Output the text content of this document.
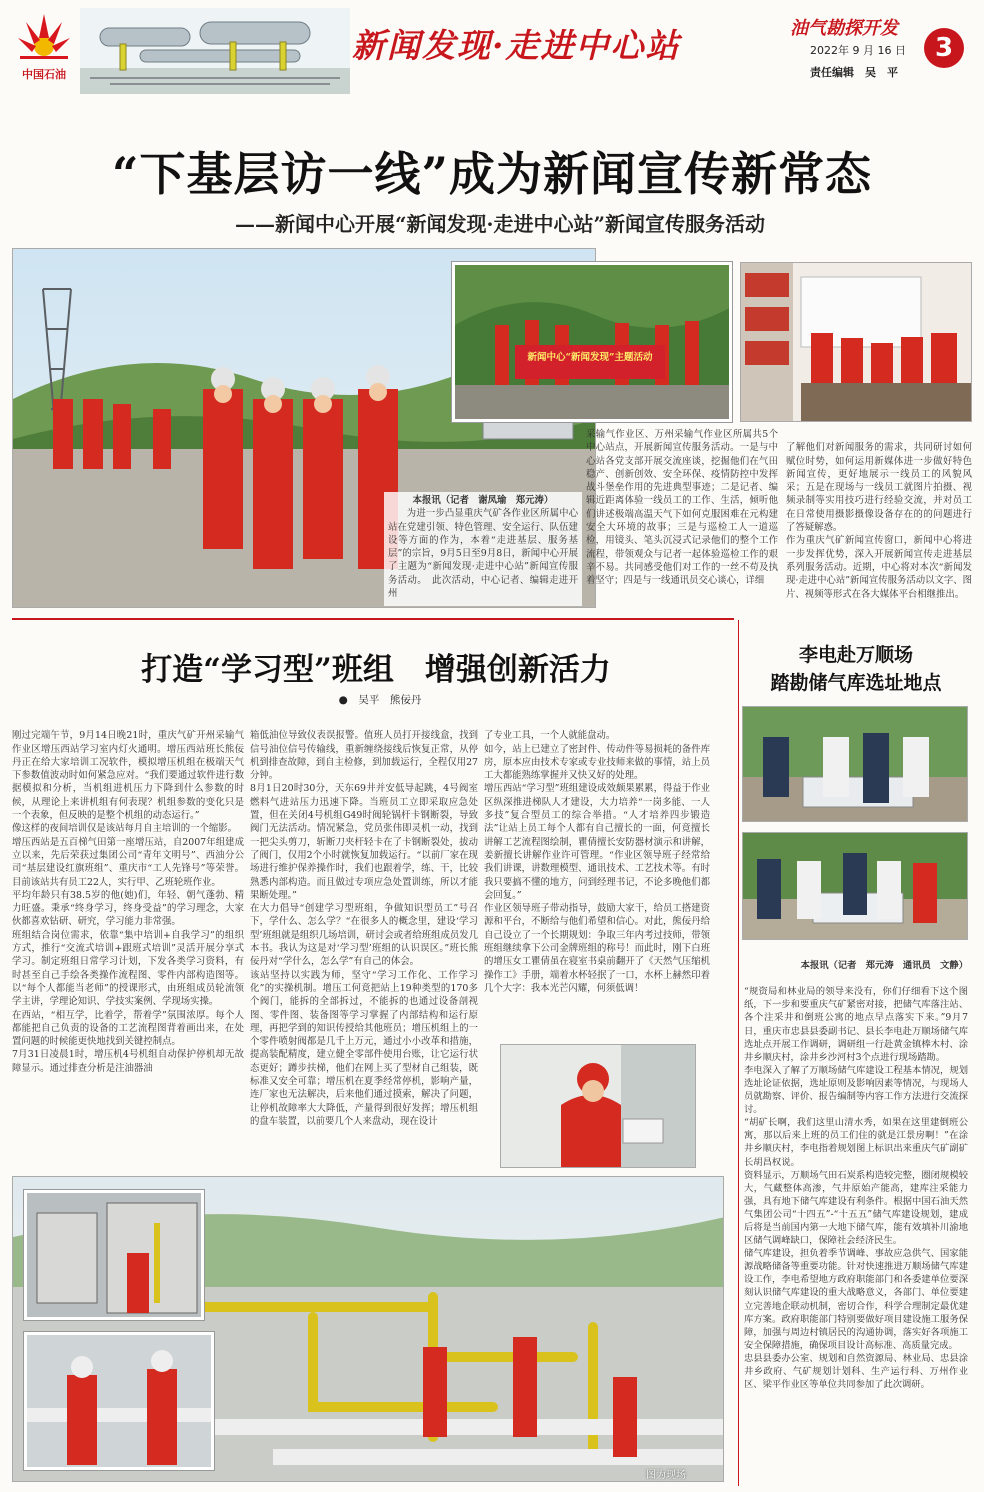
中国石油
新闻发现·走进中心站	油气勘探开发
2022年 9 月 16 日
责任编辑　吴　平
3
“下基层访一线”成为新闻宣传新常态
——新闻中心开展“新闻发现·走进中心站”新闻宣传服务活动
新闻中心“新闻发现”主题活动
本报讯（记者　谢凤瑜　郑元涛）
为进一步凸显重庆气矿各作业区所属中心站在党建引领、特色管理、安全运行、队伍建设等方面的作为，本着“走进基层、服务基层”的宗旨，9月5日至9月8日，新闻中心开展了主题为“新闻发现·走进中心站”新闻宣传服务活动。　此次活动，中心记者、编辑走进开州
采输气作业区、万州采输气作业区所属共5个中心站点，开展新闻宣传服务活动。一是与中心站各党支部开展交流座谈，挖掘他们在气田稳产、创新创效、安全环保、疫情防控中发挥战斗堡垒作用的先进典型事迹；二是记者、编辑近距离体验一线员工的工作、生活，倾听他们讲述极端高温天气下如何克服困难在元构建安全大环境的故事；三是与巡检工人一道巡检，用镜头、笔头沉浸式记录他们的整个工作流程，带领观众与记者一起体验巡检工作的艰辛不易。共同感受他们对工作的一丝不苟及执着坚守；四是与一线通讯员交心谈心，详细

了解他们对新闻服务的需求，共同研讨如何赋位时势，如何运用新媒体进一步做好特色新闻宣传，更好地展示一线员工的风貌风采；五是在现场与一线员工就图片拍摄、视频录制等实用技巧进行经验交流，并对员工在日常使用摄影摄像设备存在的的问题进行了答疑解惑。
作为重庆气矿新闻宣传窗口，新闻中心将进一步发挥优势，深入开展新闻宣传走进基层系列服务活动。近期，中心将对本次“新闻发现·走进中心站”新闻宣传服务活动以文字、图片、视频等形式在各大媒体平台相继推出。

打造“学习型”班组　增强创新活力
●　吴平　熊佞丹

刚过完端午节，9月14日晚21时，重庆气矿开州采输气作业区增压西站学习室内灯火通明。增压西站班长熊佞丹正在给大家培训工况软件，模拟增压机组在极端天气下参数值波动时如何紧急应对。“我们要通过软件进行数据模拟和分析，当机组进机压力下降到什么参数的时候，从理论上来讲机组有何表现？机组参数的变化只是一个表象，但反映的是整个机组的动态运行。”
像这样的夜间培训仅是该站每月自主培训的一个缩影。
增压西站是五百梯气田第一座增压站，自2007年组建成立以来，先后荣获过集团公司“青年文明号”、西油分公司“基层建设红旗班组”、重庆市“工人先锋号”等荣誉。目前该站共有员工22人，实行甲、乙班轮班作业。
平均年龄只有38.5岁的他(她)们，年轻、朝气蓬勃、精力旺盛。秉承“终身学习，终身受益”的学习理念，大家伙都喜欢钻研、研究，学习能力非常强。
班组结合岗位需求，依靠“集中培训+自我学习”的组织方式，推行“交流式培训+跟班式培训”灵活开展分享式学习。制定班组日常学习计划，下发各类学习资料，有时甚至自己手绘各类操作流程图、零件内部构造图等。以“每个人都能当老师”的授课形式，由班组成员轮流领学主讲，学理论知识、学技实案例、学现场实操。
在西站，“相互学，比着学，帮着学”氛围浓厚。每个人都能把自己负责的设备的工艺流程图背着画出来，在处置问题的时候能更快地找到关键控制点。
7月31日凌晨1时，增压机4号机组自动保护停机却无故障显示。通过排查分析是注油器油

箱低油位导致仪表误报警。值班人员打开接线盒，找到信号油位信号传输线，重新缠绕接线后恢复正常，从停机到排查故障，到自主检修，到加载运行，全程仅用27分钟。
8月1日20时30分，天东69井并安低导起跳，4号阀室燃料气进站压力迅速下降。当班员工立即采取应急处置，但在关闭4号机组G49时阀轮锅杆卡钢断裂，导致阀门无法活动。情况紧急，党员张伟即灵机一动，找到一把尖头剪刀，斩断刀夹杆轻卡在了卡钢断裂处，拔动了阀门，仅用2个小时就恢复加载运行。“以前厂家在现场进行维护保养操作时，我们也跟着学，练、干，比较熟悉内部构造。而且做过专项应急处置训练，所以才能果断处理。”
在大力倡导“创建学习型班组，争做知识型员工”号召下，学什么、怎么学？“在很多人的概念里，建设‘学习型’班组就是组织几场培训，研讨会或者给班组成员发几本书。我认为这是对‘学习型’班组的认识误区。”班长熊佞丹对“学什么，怎么学”有自己的体会。
该站坚持以实践为师，坚守“学习工作化、工作学习化”的实操机制。增压工何竟把站上19种类型的170多个阀门，能拆的全部拆过，不能拆的也通过设备剖视图、零件图、装备图等学习掌握了内部结构和运行原理，再把学到的知识传授给其他班员；增压机组上的一个零件喷射阀都是几千上万元，通过小小改革和措施，提高装配精度，建立健全零部件使用台账，让它运行状态更好；蹲步扶梯，他们在网上买了型材自己组装，既标准又安全可靠；增压机在夏季经常停机，影响产量，连厂家也无法解决，后来他们通过摸索，解决了问题，让停机故障率大大降低，产量得到很好发挥；增压机组的盘车装置，以前要几个人来盘动，现在设计

了专业工具，一个人就能盘动。
如今，站上已建立了密封件、传动件等易损耗的备件库房，原本应由技术专家或专业技师来做的事情，站上员工大都能熟练掌握并又快又好的处理。
增压西站“学习型”班组建设成效颇果累累，得益于作业区纵深推进梯队人才建设，大力培养“一岗多能、一人多技”复合型员工的综合举措。“人才培养四步锻造法”让站上员工每个人都有自己擅长的一面，何竟擅长讲解工艺流程图绘制，瞿倩擅长安防器材演示和讲解，姜新擅长讲解作业许可管理。“作业区领导班子经常给我们讲课，讲数理模型、通讯技术、工艺技术等。有时我只要搞不懂的地方，问到经理书记，不论多晚他们都会回复。”
作业区领导班子带动指导，鼓励大家干，给员工搭建资源和平台，不断给与他们希望和信心。对此，熊佞丹给自己设立了一个长期规划：争取三年内考过技师，带领班组继续拿下公司金牌班组的称号！而此时，刚下白班的增压女工瞿倩虽在寝室书桌前翻开了《天然气压缩机操作工》手册，端着水杯轻抿了一口，水杯上赫然印着几个大字：我本光芒闪耀，何须低调！

图为现场
李电赴万顺场
踏勘储气库选址地点

本报讯（记者　郑元涛　通讯员　文静）

“规资局和林业局的领导来没有，你们仔细看下这个图纸，下一步和要重庆气矿紧密对接，把储气库落注站、各个注采井和倒班公寓的地点早点落实下来。”9月7日，重庆市忠县县委副书记、县长李电赴万顺场储气库选址点开展工作调研，调研组一行赴黄金镇棒木村、涂井乡顺庆村，涂井乡沙河村3个点进行现场踏勘。
李电深入了解了万顺场储气库建设工程基本情况，规划选址论证依据，选址原则及影响因素等情况，与现场人员就勘察、评价、报告编制等内容工作方法进行交流探讨。
“胡矿长啊，我们这里山清水秀，如果在这里建倒班公寓，那以后来上班的员工们住的就是江景房啊！”在涂井乡顺庆村，李电指着规划图上标识出来重庆气矿副矿长胡昌权说。
资料显示，万顺场气田石炭系构造较完整，圈闭规模较大，气藏整体高渗，气井原始产能高，建库注采能力强，具有地下储气库建设有利条件。根据中国石油天然气集团公司“十四五”-“十五五”储气库建设规划，建成后将是当前国内第一大地下储气库，能有效填补川渝地区储气调峰缺口，保障社会经济民生。
储气库建设，担负着季节调峰、事故应急供气、国家能源战略储备等重要功能。针对快速推进万顺场储气库建设工作，李电希望地方政府职能部门和各委建单位要深刻认识储气库建设的重大战略意义，各部门、单位要建立完善地企联动机制，密切合作，科学合理制定最优建库方案。政府职能部门特别要做好项目建设施工服务保障，加强与周边村镇居民的沟通协调，落实好各项施工安全保障措施，确保项目设计高标准、高质量完成。
忠县县委办公室、规划和自然资源局、林业局、忠县涂井乡政府、气矿规划计划科、生产运行科、万州作业区、梁平作业区等单位共同参加了此次调研。
